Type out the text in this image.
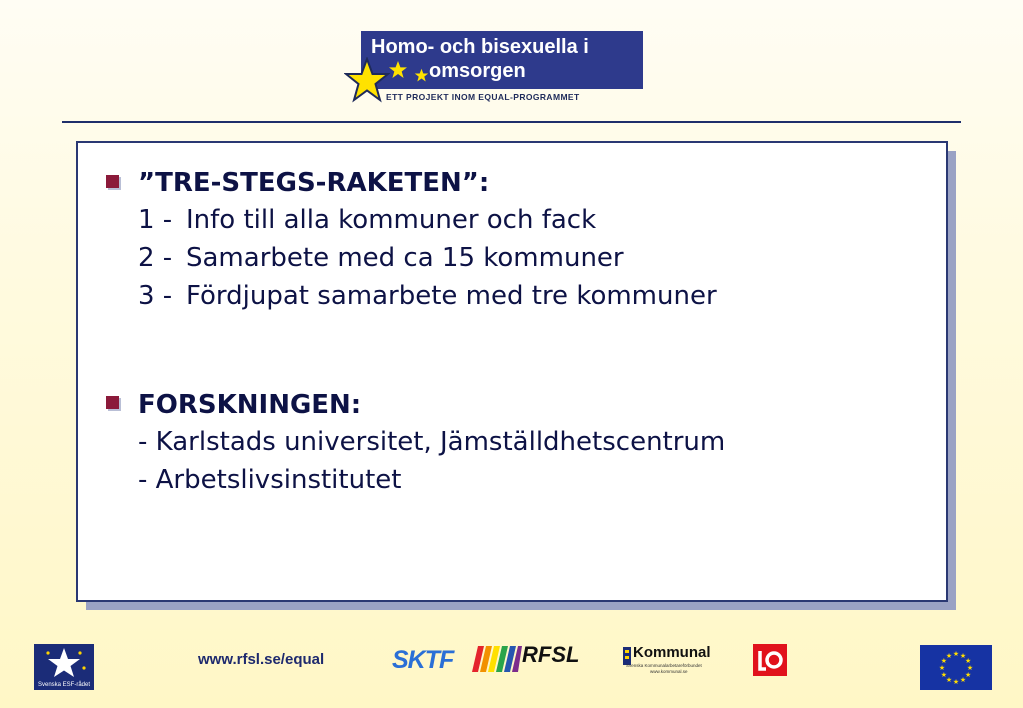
Homo- och bisexuella i
omsorgen
ETT PROJEKT INOM EQUAL-PROGRAMMET
”TRE-STEGS-RAKETEN”:
1 - Info till alla kommuner och fack
2 - Samarbete med ca 15 kommuner
3 - Fördjupat samarbete med tre kommuner
FORSKNINGEN:
- Karlstads universitet, Jämställdhetscentrum
- Arbetslivsinstitutet
Svenska ESF-rådet
www.rfsl.se/equal	SKTF	RFSL	Kommunal
Svenska Kommunalarbetareförbundet
www.kommunal.se
★ ★
★
★
★
★
★
★
★
★
★
★
